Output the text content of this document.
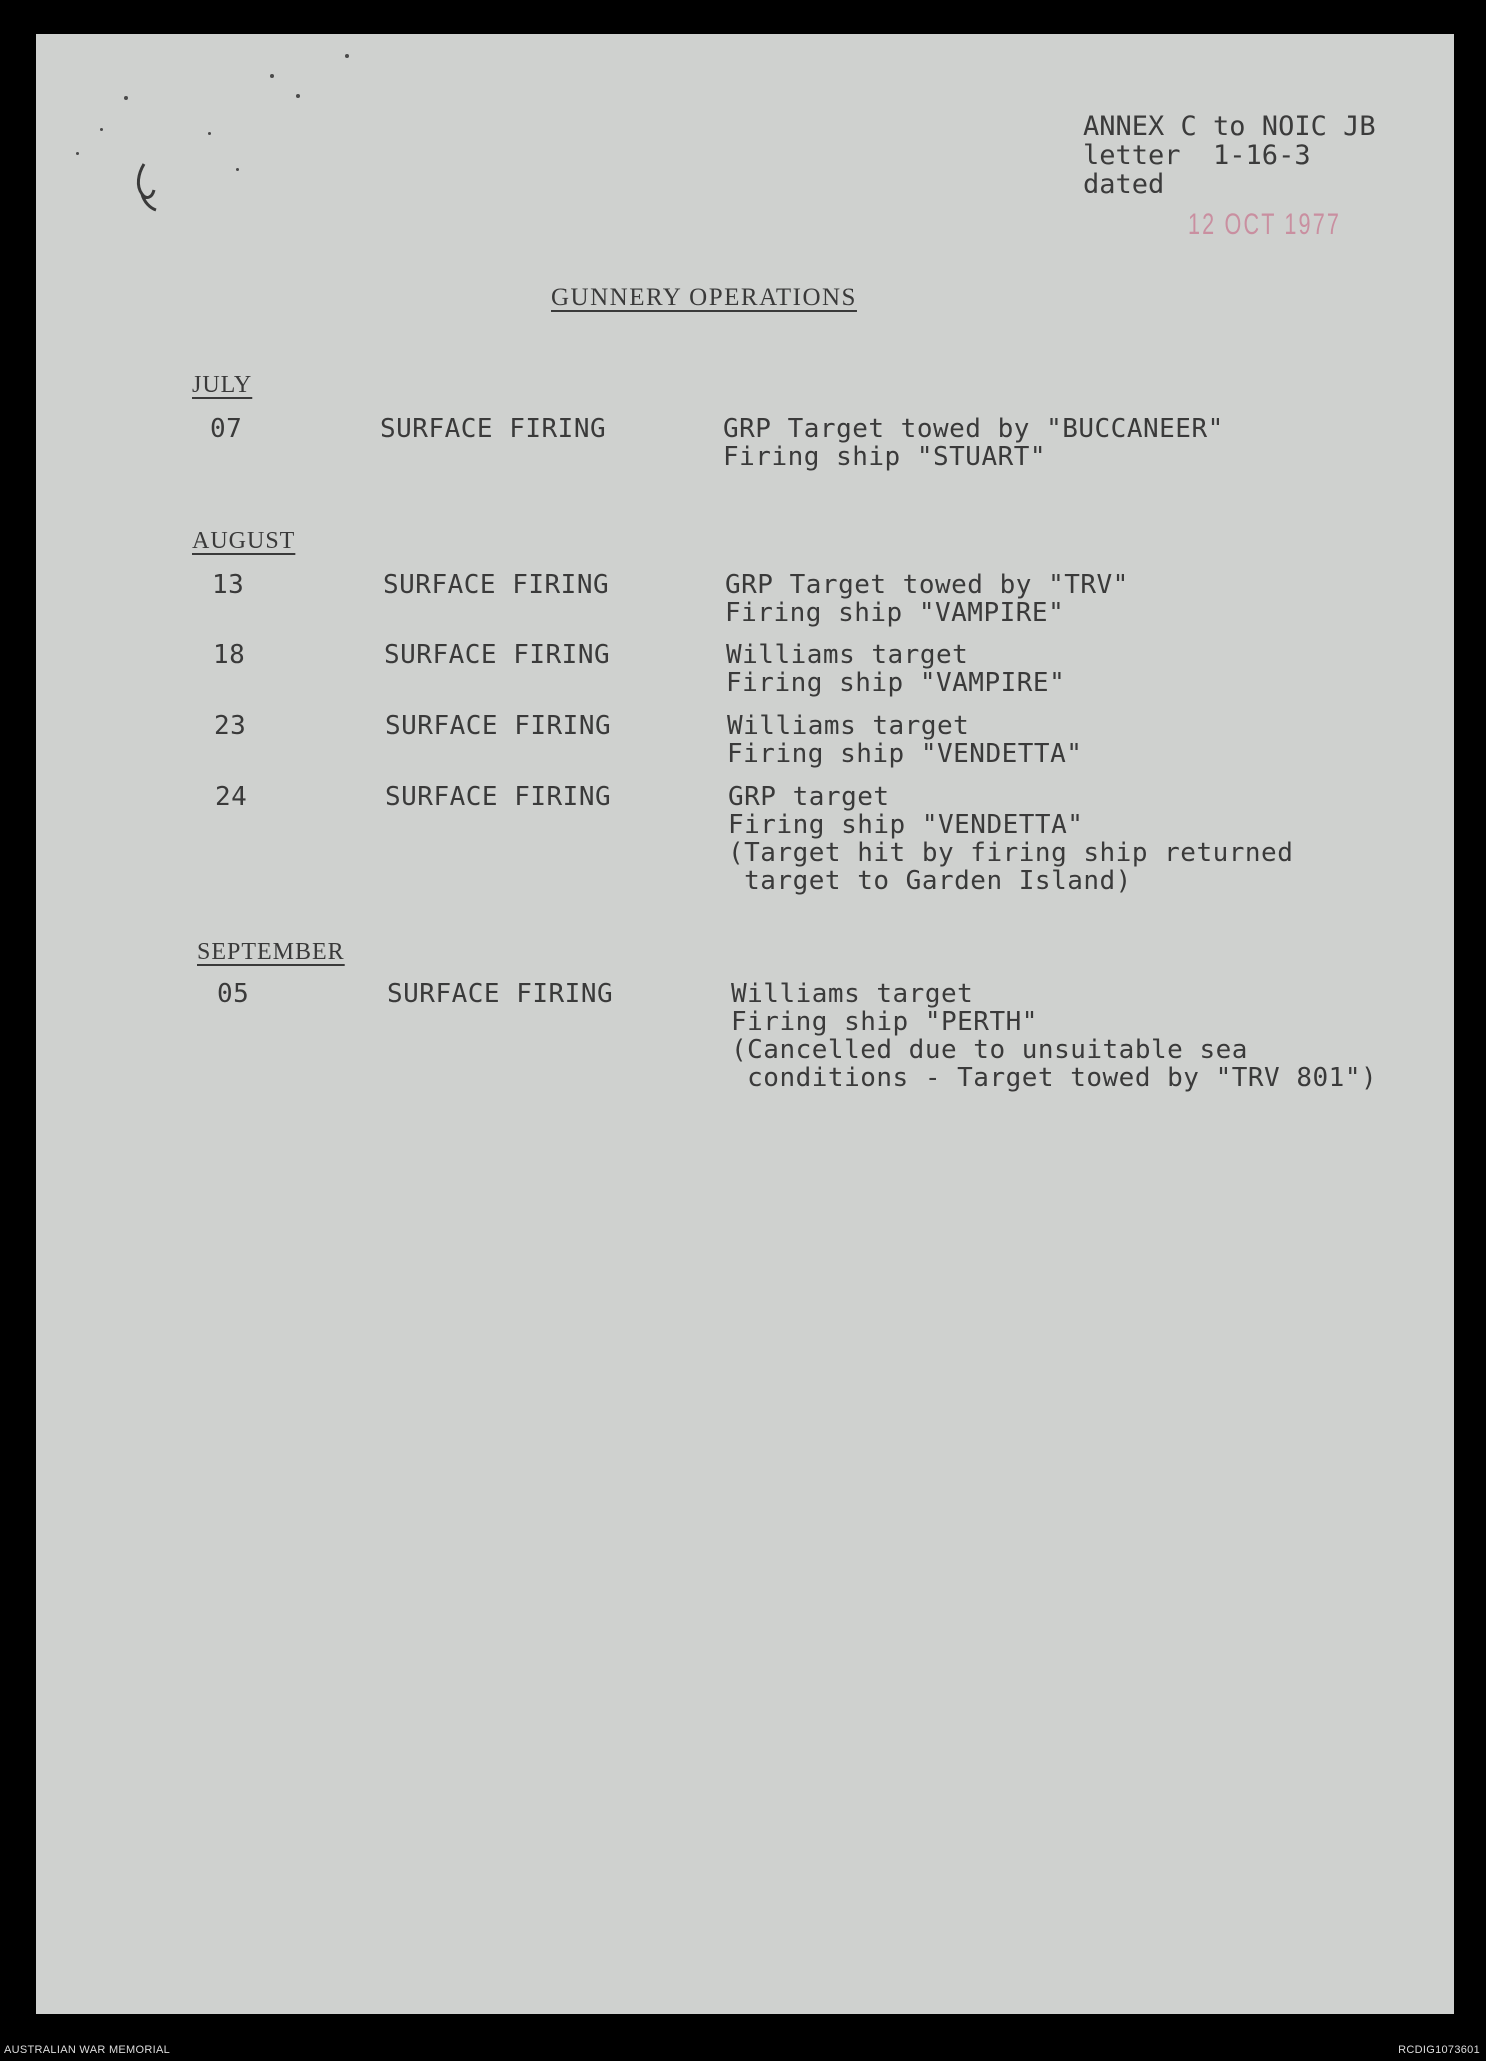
ANNEX C to NOIC JB
letter  1-16-3
dated
12 OCT 1977
GUNNERY OPERATIONS
JULY
07	SURFACE FIRING	GRP Target towed by "BUCCANEER"
Firing ship "STUART"
AUGUST
13	SURFACE FIRING	GRP Target towed by "TRV"
Firing ship "VAMPIRE"
18	SURFACE FIRING	Williams target
Firing ship "VAMPIRE"
23	SURFACE FIRING	Williams target
Firing ship "VENDETTA"
24	SURFACE FIRING	GRP target
Firing ship "VENDETTA"
(Target hit by firing ship returned
target to Garden Island)
SEPTEMBER
05	SURFACE FIRING	Williams target
Firing ship "PERTH"
(Cancelled due to unsuitable sea
conditions - Target towed by "TRV 801")
AUSTRALIAN WAR MEMORIAL	RCDIG1073601
